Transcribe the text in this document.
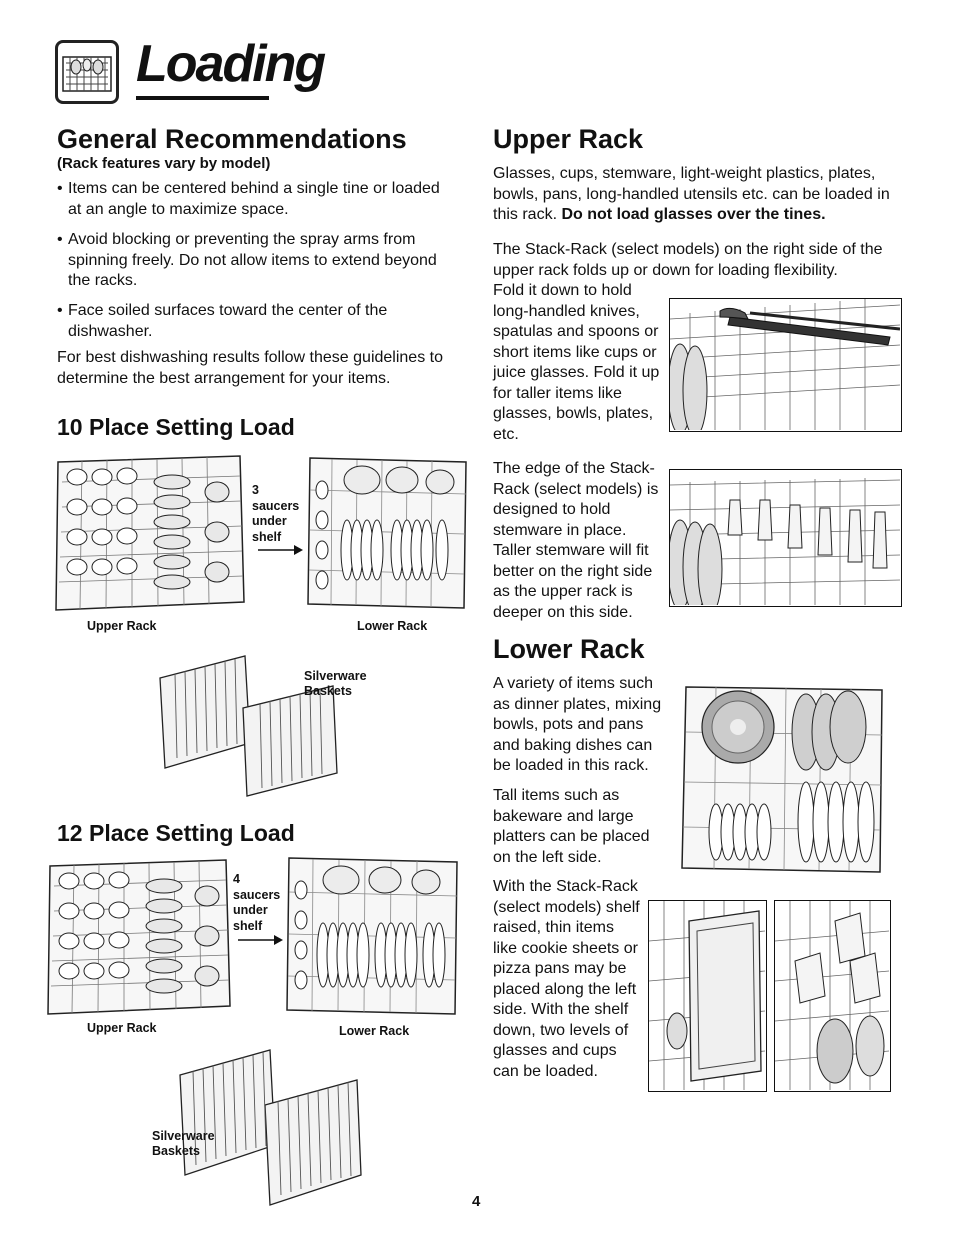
Loading
General Recommendations
(Rack features vary by model)
• Items can be centered behind a single tine or loaded at an angle to maximize space.
• Avoid blocking or preventing the spray arms from spinning freely. Do not allow items to extend beyond the racks.
• Face soiled surfaces toward the center of the dishwasher.

For best dishwashing results follow these guidelines to determine the best arrangement for your items.

10 Place Setting Load
3
saucers
under
shelf
Upper Rack	Lower Rack
Silverware
Baskets
12 Place Setting Load
4
saucers
under
shelf
Upper Rack	Lower Rack
Silverware
Baskets
Upper Rack

Glasses, cups, stemware, light-weight plastics, plates, bowls, pans, long-handled utensils etc. can be loaded in this rack. Do not load glasses over the tines.

The Stack-Rack (select models) on the right side of the upper rack folds up or down for loading flexibility.

Fold it down to hold long-handled knives, spatulas and spoons or short items like cups or juice glasses. Fold it up for taller items like glasses, bowls, plates, etc.

The edge of the Stack-Rack (select models) is designed to hold stemware in place. Taller stemware will fit better on the right side as the upper rack is deeper on this side.

Lower Rack

A variety of items such as dinner plates, mixing bowls, pots and pans and baking dishes can be loaded in this rack.

Tall items such as bakeware and large platters can be placed on the left side.

With the Stack-Rack (select models) shelf raised, thin items like cookie sheets or pizza pans may be placed along the left side. With the shelf down, two levels of glasses and cups can be loaded.

4
